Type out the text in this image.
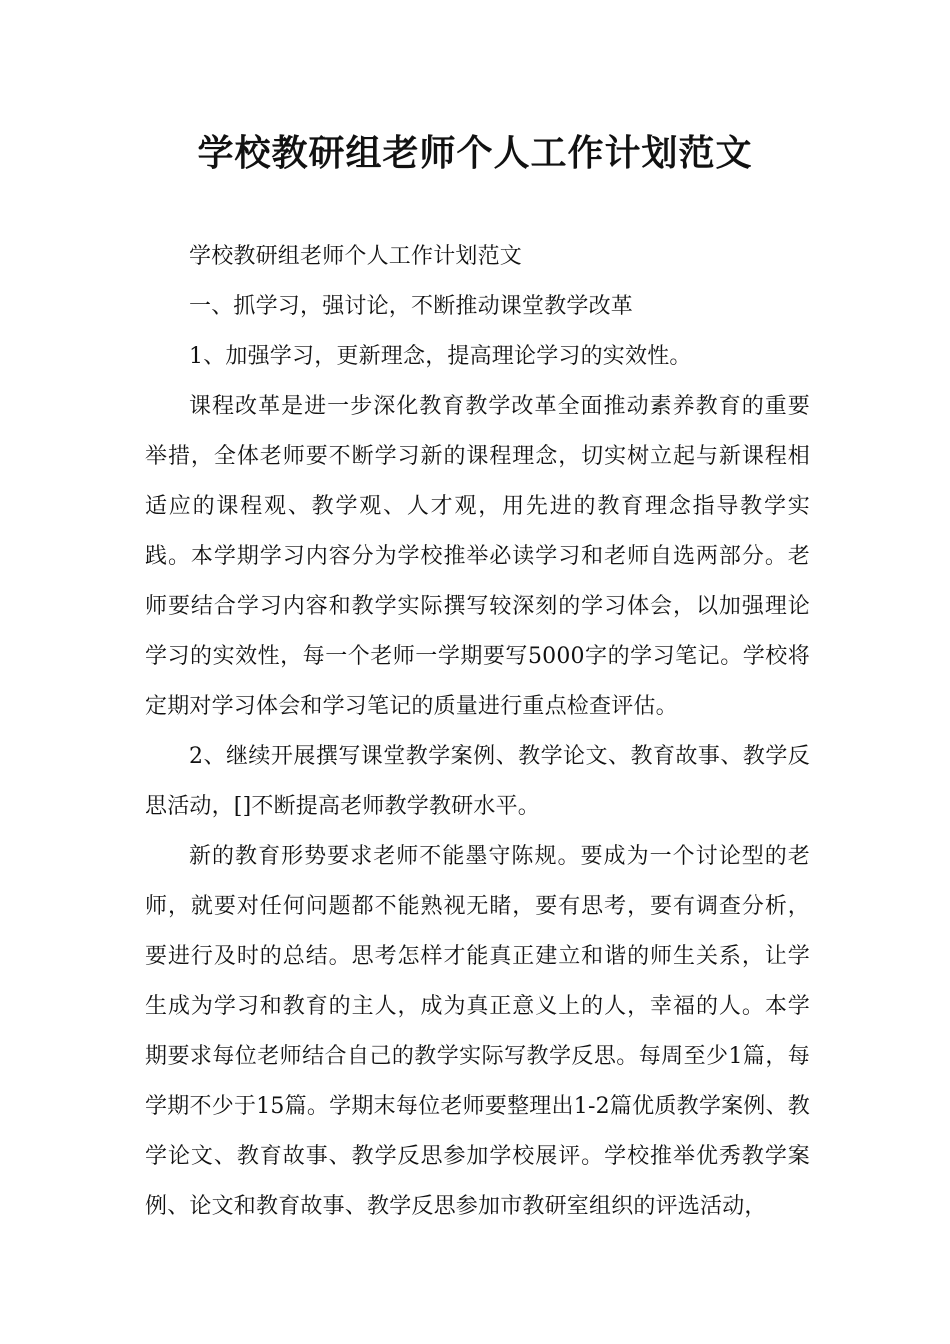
学校教研组老师个人工作计划范文

学校教研组老师个人工作计划范文

一、抓学习，强讨论，不断推动课堂教学改革

1、加强学习，更新理念，提高理论学习的实效性。

课程改革是进一步深化教育教学改革全面推动素养教育的重要举措，全体老师要不断学习新的课程理念，切实树立起与新课程相适应的课程观、教学观、人才观，用先进的教育理念指导教学实践。本学期学习内容分为学校推举必读学习和老师自选两部分。老师要结合学习内容和教学实际撰写较深刻的学习体会，以加强理论学习的实效性，每一个老师一学期要写5000字的学习笔记。学校将定期对学习体会和学习笔记的质量进行重点检查评估。

2、继续开展撰写课堂教学案例、教学论文、教育故事、教学反思活动，[]不断提高老师教学教研水平。

新的教育形势要求老师不能墨守陈规。要成为一个讨论型的老师，就要对任何问题都不能熟视无睹，要有思考，要有调查分析，要进行及时的总结。思考怎样才能真正建立和谐的师生关系，让学生成为学习和教育的主人，成为真正意义上的人，幸福的人。本学期要求每位老师结合自己的教学实际写教学反思。每周至少1篇，每学期不少于15篇。学期末每位老师要整理出1-2篇优质教学案例、教学论文、教育故事、教学反思参加学校展评。学校推举优秀教学案例、论文和教育故事、教学反思参加市教研室组织的评选活动，
